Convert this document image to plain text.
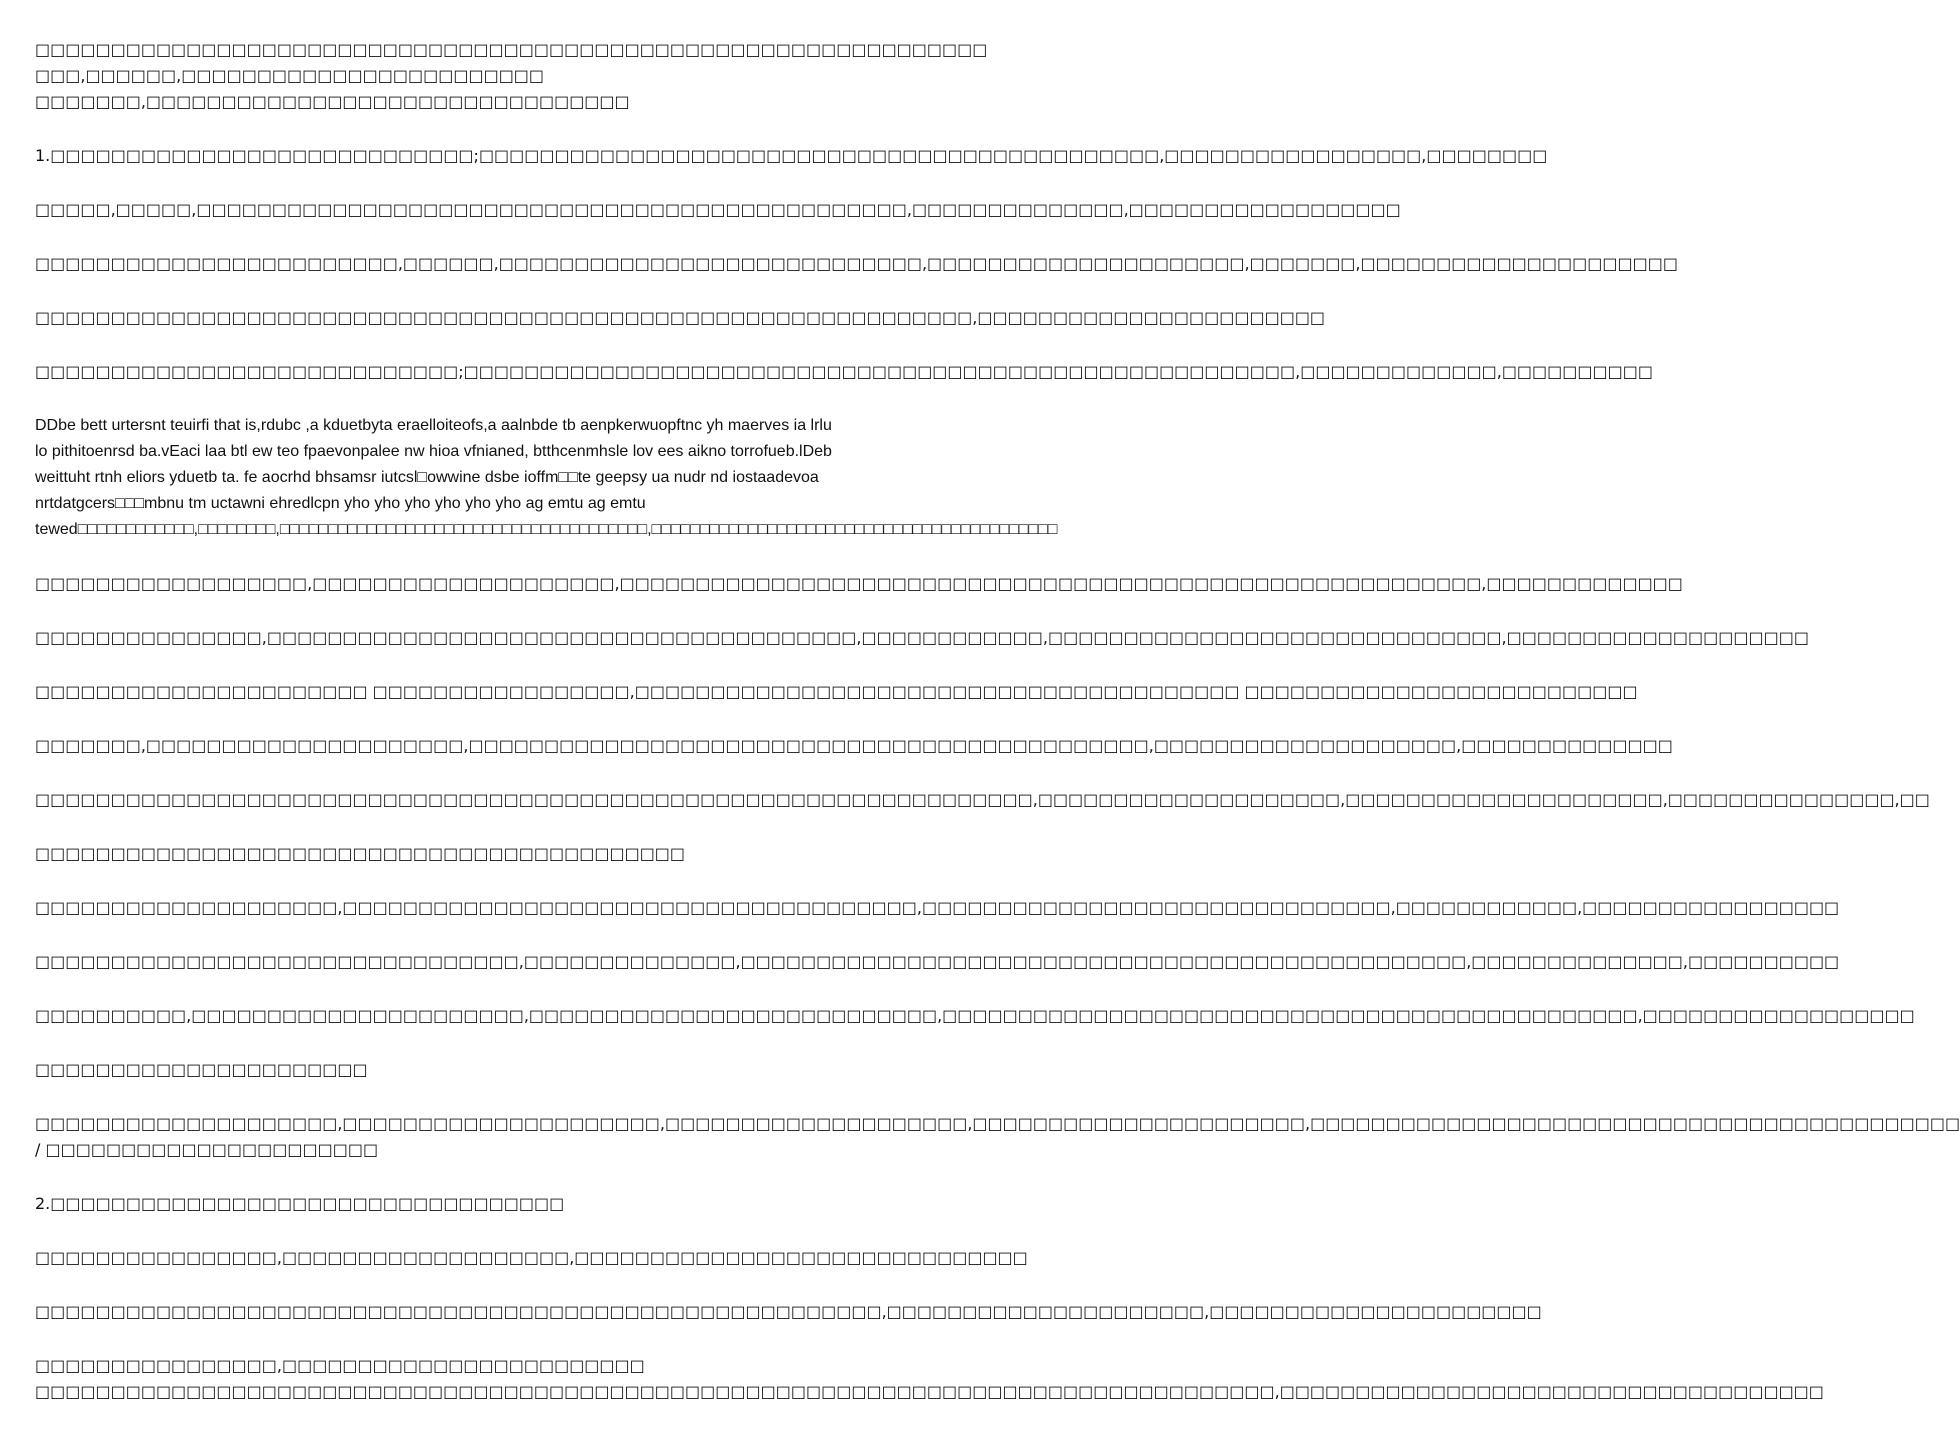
□□□□□□□□□□□□□□□□□□□□□□□□□□□□□□□□□□□□□□□□□□□□□□□□□□□□□□□□□□□□□□□□□□,□□□□□□,□□□□□□□□□□□□□□□□□□□□□□□□
□□□□□□□,□□□□□□□□□□□□□□□□□□□□□□□□□□□□□□□□

1.□□□□□□□□□□□□□□□□□□□□□□□□□□□□;□□□□□□□□□□□□□□□□□□□□□□□□□□□□□□□□□□□□□□□□□□□□□,□□□□□□□□□□□□□□□□□,□□□□□□□□

□□□□□,□□□□□,□□□□□□□□□□□□□□□□□□□□□□□□□□□□□□□□□□□□□□□□□□□□□□□,□□□□□□□□□□□□□□,□□□□□□□□□□□□□□□□□□

□□□□□□□□□□□□□□□□□□□□□□□□,□□□□□□,□□□□□□□□□□□□□□□□□□□□□□□□□□□□,□□□□□□□□□□□□□□□□□□□□□,□□□□□□□,□□□□□□□□□□□□□□□□□□□□□

□□□□□□□□□□□□□□□□□□□□□□□□□□□□□□□□□□□□□□□□□□□□□□□□□□□□□□□□□□□□□□,□□□□□□□□□□□□□□□□□□□□□□□

□□□□□□□□□□□□□□□□□□□□□□□□□□□□;□□□□□□□□□□□□□□□□□□□□□□□□□□□□□□□□□□□□□□□□□□□□□□□□□□□□□□□,□□□□□□□□□□□□□,□□□□□□□□□□

DDbe bett urtersnt teuirfi that is,rdubc ,a kduetbyta eraelloiteofs,a aalnbde tb aenpkerwuopftnc yh maerves ia lrlu
lo pithitoenrsd ba.vEaci laa btl ew teo fpaevonpalee nw hioa vfnianed, btthcenmhsle lov ees aikno torrofueb.lDeb
weittuht rtnh eliors yduetb ta. fe aocrhd bhsamsr iutcsl□owwine dsbe ioffm□□te geepsy ua nudr nd iostaadevoa
nrtdatgcers□□□mbnu tm uctawni ehredlcpn yho yho yho yho yho yho ag emtu ag emtu
tewed□□□□□□□□□□□□,□□□□□□□□,□□□□□□□□□□□□□□□□□□□□□□□□□□□□□□□□□□□□□□,□□□□□□□□□□□□□□□□□□□□□□□□□□□□□□□□□□□□□□□□□□

□□□□□□□□□□□□□□□□□□,□□□□□□□□□□□□□□□□□□□□,□□□□□□□□□□□□□□□□□□□□□□□□□□□□□□□□□□□□□□□□□□□□□□□□□□□□□□□□□,□□□□□□□□□□□□□

□□□□□□□□□□□□□□□,□□□□□□□□□□□□□□□□□□□□□□□□□□□□□□□□□□□□□□□,□□□□□□□□□□□□,□□□□□□□□□□□□□□□□□□□□□□□□□□□□□□,□□□□□□□□□□□□□□□□□□□□

□□□□□□□□□□□□□□□□□□□□□□ □□□□□□□□□□□□□□□□□,□□□□□□□□□□□□□□□□□□□□□□□□□□□□□□□□□□□□□□□□ □□□□□□□□□□□□□□□□□□□□□□□□□□

□□□□□□□,□□□□□□□□□□□□□□□□□□□□□,□□□□□□□□□□□□□□□□□□□□□□□□□□□□□□□□□□□□□□□□□□□□□,□□□□□□□□□□□□□□□□□□□□,□□□□□□□□□□□□□□

□□□□□□□□□□□□□□□□□□□□□□□□□□□□□□□□□□□□□□□□□□□□□□□□□□□□□□□□□□□□□□□□□□,□□□□□□□□□□□□□□□□□□□□,□□□□□□□□□□□□□□□□□□□□□,□□□□□□□□□□□□□□□,□□

□□□□□□□□□□□□□□□□□□□□□□□□□□□□□□□□□□□□□□□□□□□

□□□□□□□□□□□□□□□□□□□□,□□□□□□□□□□□□□□□□□□□□□□□□□□□□□□□□□□□□□□,□□□□□□□□□□□□□□□□□□□□□□□□□□□□□□□,□□□□□□□□□□□□,□□□□□□□□□□□□□□□□□

□□□□□□□□□□□□□□□□□□□□□□□□□□□□□□□□,□□□□□□□□□□□□□□,□□□□□□□□□□□□□□□□□□□□□□□□□□□□□□□□□□□□□□□□□□□□□□□□,□□□□□□□□□□□□□□,□□□□□□□□□□

□□□□□□□□□□,□□□□□□□□□□□□□□□□□□□□□□,□□□□□□□□□□□□□□□□□□□□□□□□□□□,□□□□□□□□□□□□□□□□□□□□□□□□□□□□□□□□□□□□□□□□□□□□□□,□□□□□□□□□□□□□□□□□□

□□□□□□□□□□□□□□□□□□□□□□

□□□□□□□□□□□□□□□□□□□□,□□□□□□□□□□□□□□□□□□□□□,□□□□□□□□□□□□□□□□□□□□,□□□□□□□□□□□□□□□□□□□□□□,□□□□□□□□□□□□□□□□□□□□□□□□□□□□□□□□□□□□□□□□□□□
/ □□□□□□□□□□□□□□□□□□□□□□

2.□□□□□□□□□□□□□□□□□□□□□□□□□□□□□□□□□□

□□□□□□□□□□□□□□□□,□□□□□□□□□□□□□□□□□□□,□□□□□□□□□□□□□□□□□□□□□□□□□□□□□□

□□□□□□□□□□□□□□□□□□□□□□□□□□□□□□□□□□□□□□□□□□□□□□□□□□□□□□□□,□□□□□□□□□□□□□□□□□□□□□,□□□□□□□□□□□□□□□□□□□□□□

□□□□□□□□□□□□□□□□,□□□□□□□□□□□□□□□□□□□□□□□□
□□□□□□□□□□□□□□□□□□□□□□□□□□□□□□□□□□□□□□□□□□□□□□□□□□□□□□□□□□□□□□□□□□□□□□□□□□□□□□□□□□,□□□□□□□□□□□□□□□□□□□□□□□□□□□□□□□□□□□□
